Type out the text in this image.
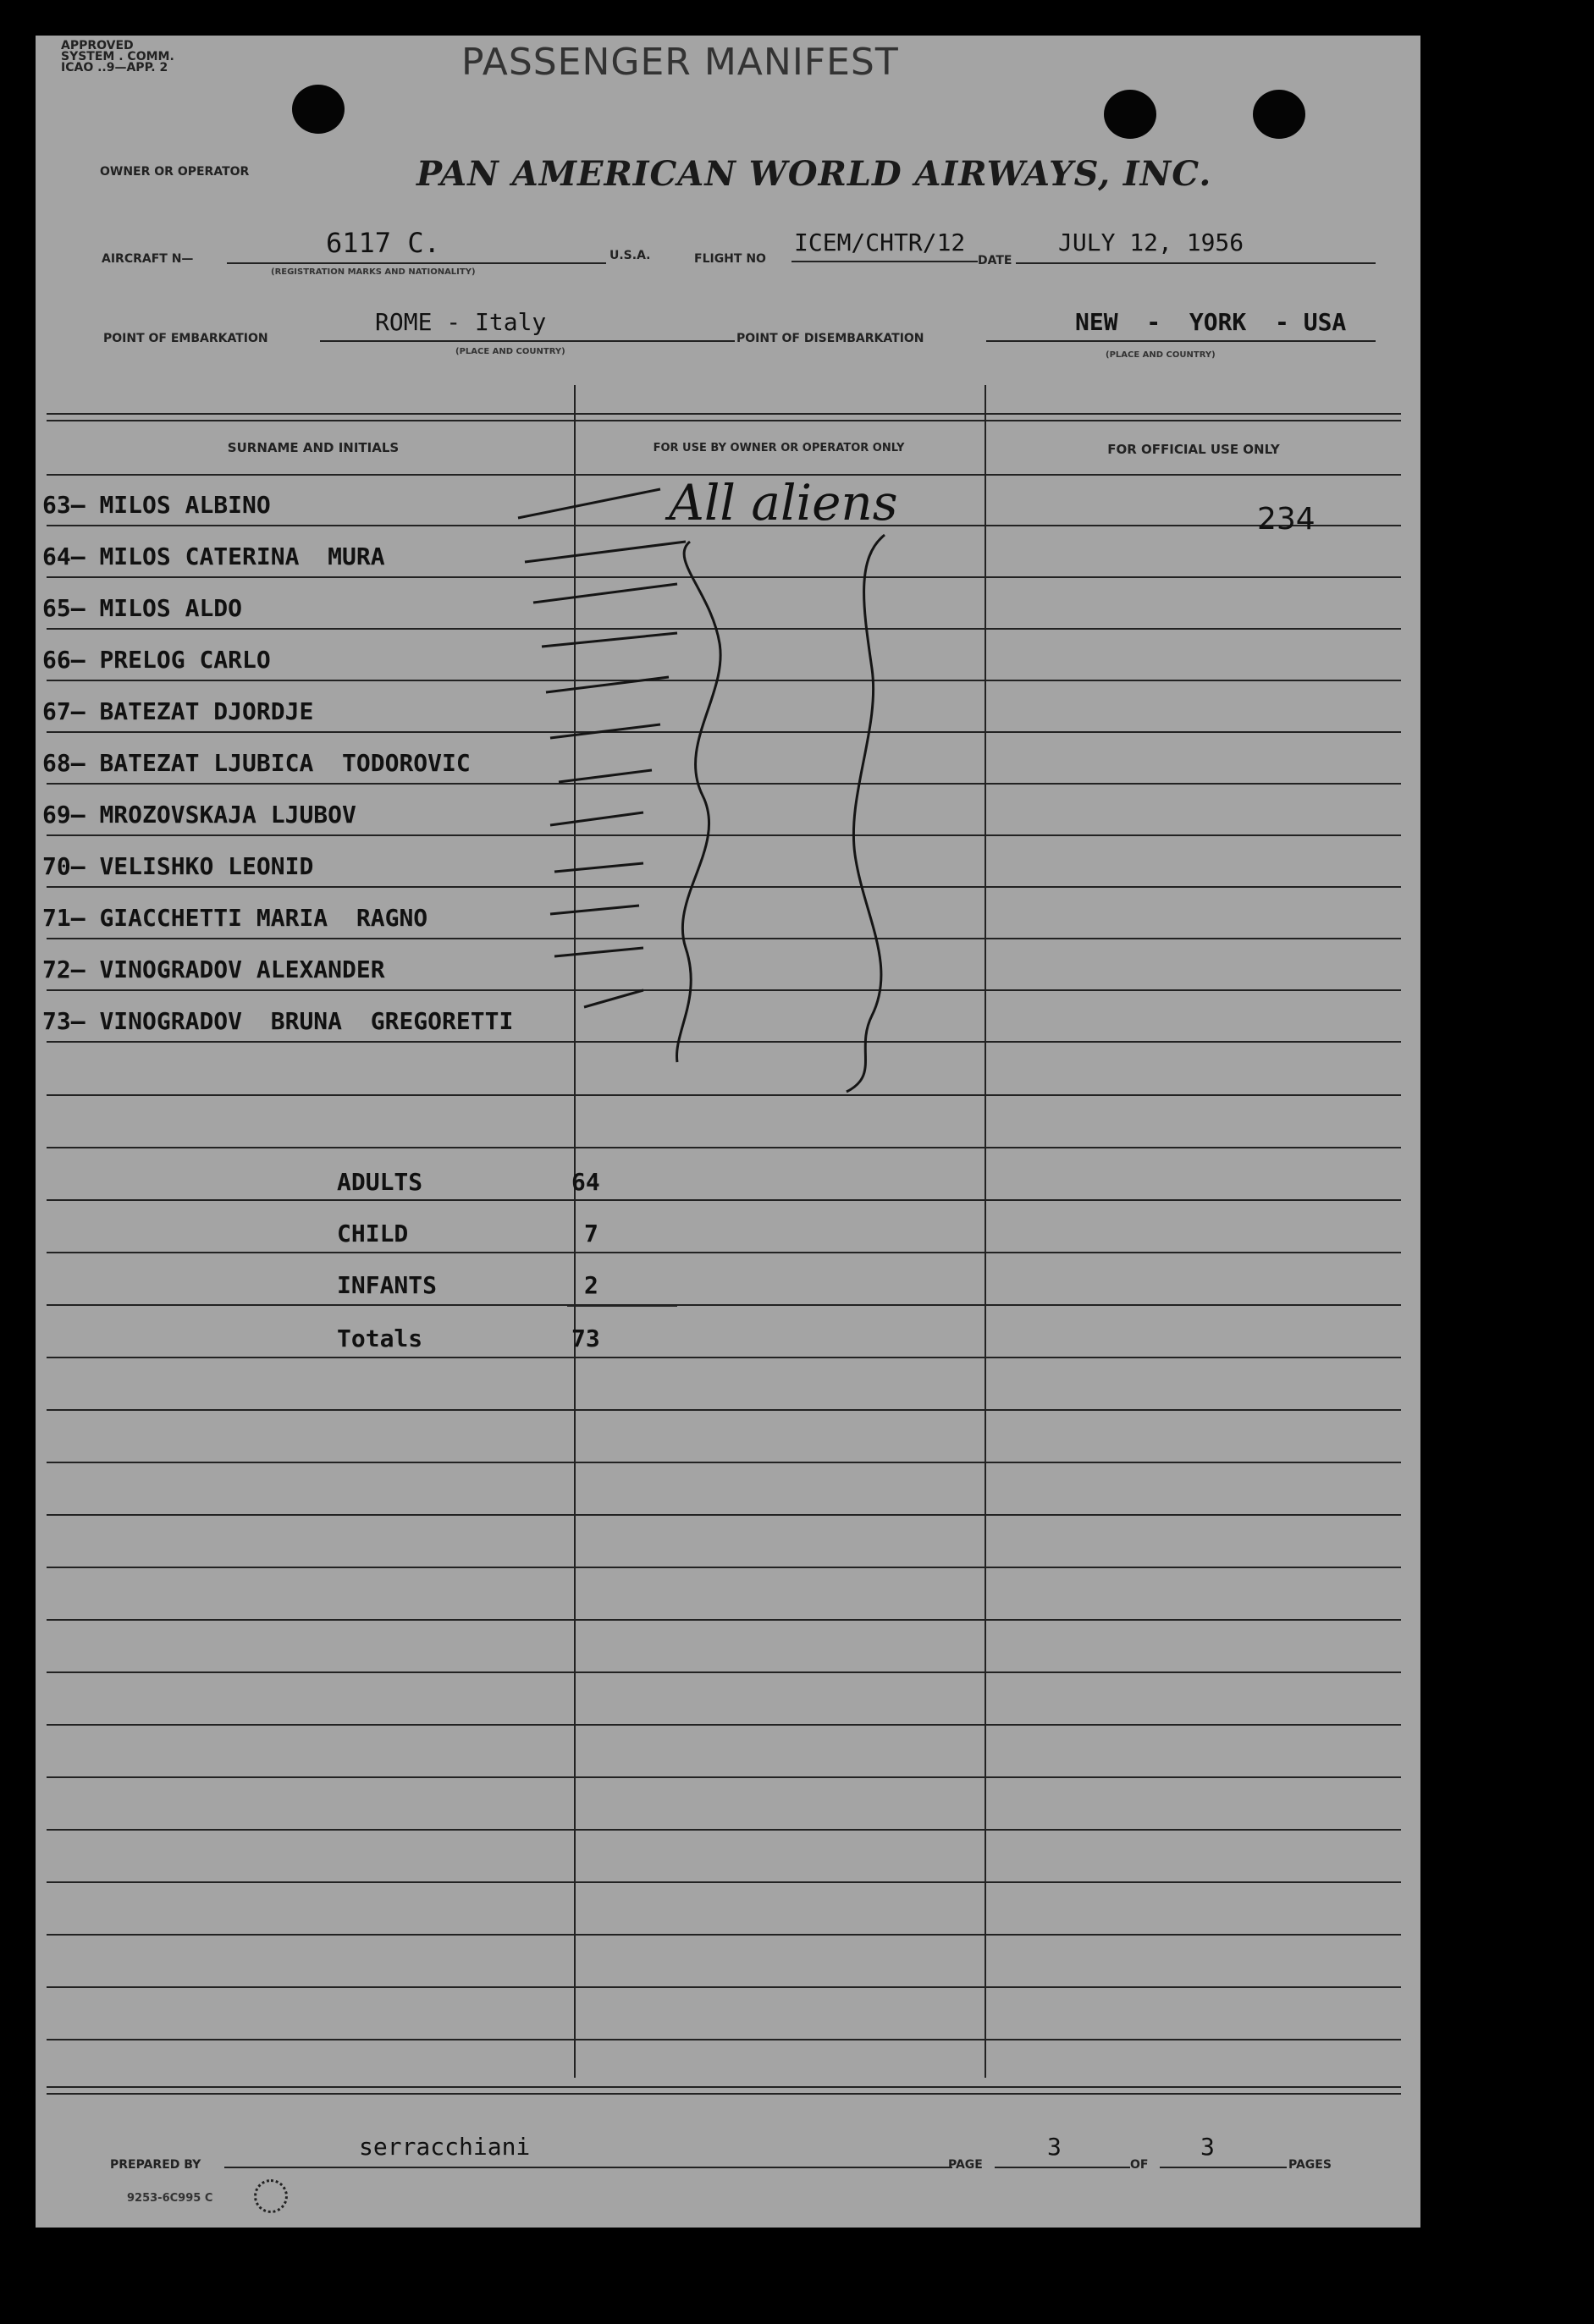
APPROVED
SYSTEM . COMM.
ICAO ..9—APP. 2	PASSENGER MANIFEST
OWNER OR OPERATOR	PAN AMERICAN WORLD AIRWAYS, INC.
AIRCRAFT N—	6117 C.
(REGISTRATION MARKS AND NATIONALITY)
U.S.A.	FLIGHT NO
ICEM/CHTR/12
DATE
JULY 12, 1956
POINT OF EMBARKATION
ROME - Italy
(PLACE AND COUNTRY)
POINT OF DISEMBARKATION
NEW  -  YORK  - USA
(PLACE AND COUNTRY)
SURNAME AND INITIALS	FOR USE BY OWNER OR OPERATOR ONLY	FOR OFFICIAL USE ONLY
63— MILOS ALBINO
64— MILOS CATERINA  MURA
65— MILOS ALDO
66— PRELOG CARLO
67— BATEZAT DJORDJE
68— BATEZAT LJUBICA  TODOROVIC
69— MROZOVSKAJA LJUBOV
70— VELISHKO LEONID
71— GIACCHETTI MARIA  RAGNO
72— VINOGRADOV ALEXANDER
73— VINOGRADOV  BRUNA  GREGORETTI
All aliens	234
ADULTS	64
CHILD	7
INFANTS	2
Totals	73
PREPARED BY
serracchiani
PAGE
3
OF
3
PAGES
9253-6C995 C
